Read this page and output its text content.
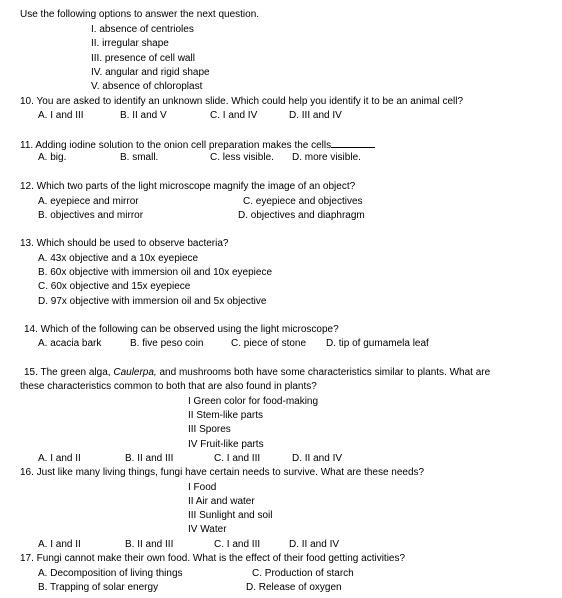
Use the following options to answer the next question.
I. absence of centrioles
II. irregular shape
III. presence of cell wall
IV. angular and rigid shape
V. absence of chloroplast
10. You are asked to identify an unknown slide. Which could help you identify it to be an animal cell?
A. I and III	B. II and V	C. I and IV	D. III and IV
11. Adding iodine solution to the onion cell preparation makes the cells
A. big.	B. small.	C. less visible. D. more visible.
12. Which two parts of the light microscope magnify the image of an object?
A. eyepiece and mirror	C. eyepiece and objectives
B. objectives and mirror	D. objectives and diaphragm
13. Which should be used to observe bacteria?
A. 43x objective and a 10x eyepiece
B. 60x objective with immersion oil and 10x eyepiece
C. 60x objective and 15x eyepiece
D. 97x objective with immersion oil and 5x objective
14. Which of the following can be observed using the light microscope?
A. acacia bark	B. five peso coin	C. piece of stone D. tip of gumamela leaf
15. The green alga, Caulerpa, and mushrooms both have some characteristics similar to plants. What are
these characteristics common to both that are also found in plants?
I Green color for food-making
II Stem-like parts
III Spores
IV Fruit-like parts
A. I and II	B. II and III	C. I and III	D. II and IV
16. Just like many living things, fungi have certain needs to survive. What are these needs?
I Food
II Air and water
III Sunlight and soil
IV Water
A. I and II	B. II and III	C. I and III	D. II and IV
17. Fungi cannot make their own food. What is the effect of their food getting activities?
A. Decomposition of living things	C. Production of starch
B. Trapping of solar energy	D. Release of oxygen
